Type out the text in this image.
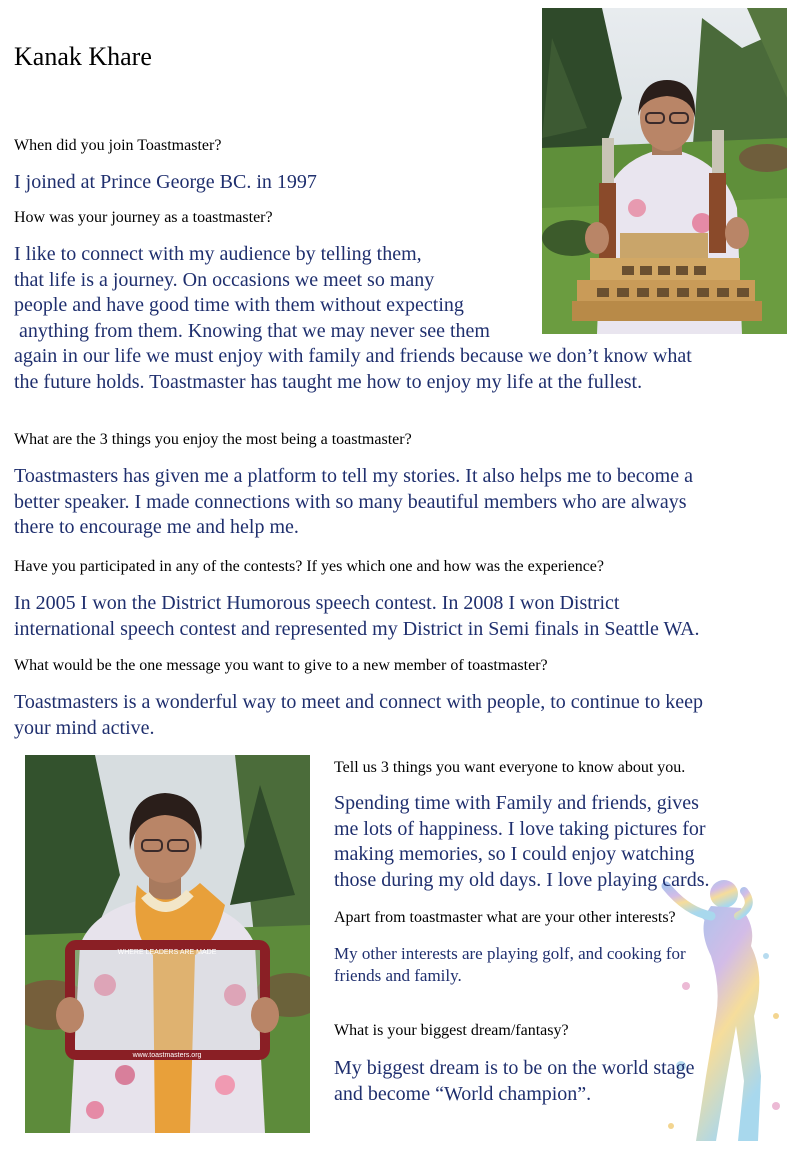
Kanak Khare
When did you join Toastmaster?
I joined at Prince George BC. in 1997
How was your journey as a toastmaster?
I like to connect with my audience by telling them,
that life is a journey. On occasions we meet so many
people and have good time with them without expecting
anything from them. Knowing that we may never see them
again in our life we must enjoy with family and friends because we don’t know what
the future holds. Toastmaster has taught me how to enjoy my life at the fullest.
What are the 3 things you enjoy the most being a toastmaster?
Toastmasters has given me a platform to tell my stories. It also helps me to become a
better speaker. I made connections with so many beautiful members who are always
there to encourage me and help me.
Have you participated in any of the contests? If yes which one and how was the experience?
In 2005 I won the District Humorous speech contest. In 2008 I won District
international speech contest and represented my District in Semi finals in Seattle WA.
What would be the one message you want to give to a new member of toastmaster?
Toastmasters is a wonderful way to meet and connect with people, to continue to keep
your mind active.
WHERE LEADERS ARE MADE
www.toastmasters.org
Tell us 3 things you want everyone to know about you.
Spending time with Family and friends, gives
me lots of happiness. I love taking pictures for
making memories, so I could enjoy watching
those during my old days. I love playing cards.
Apart from toastmaster what are your other interests?
My other interests are playing golf, and cooking for
friends and family.
What is your biggest dream/fantasy?
My biggest dream is to be on the world stage
and become “World champion”.
